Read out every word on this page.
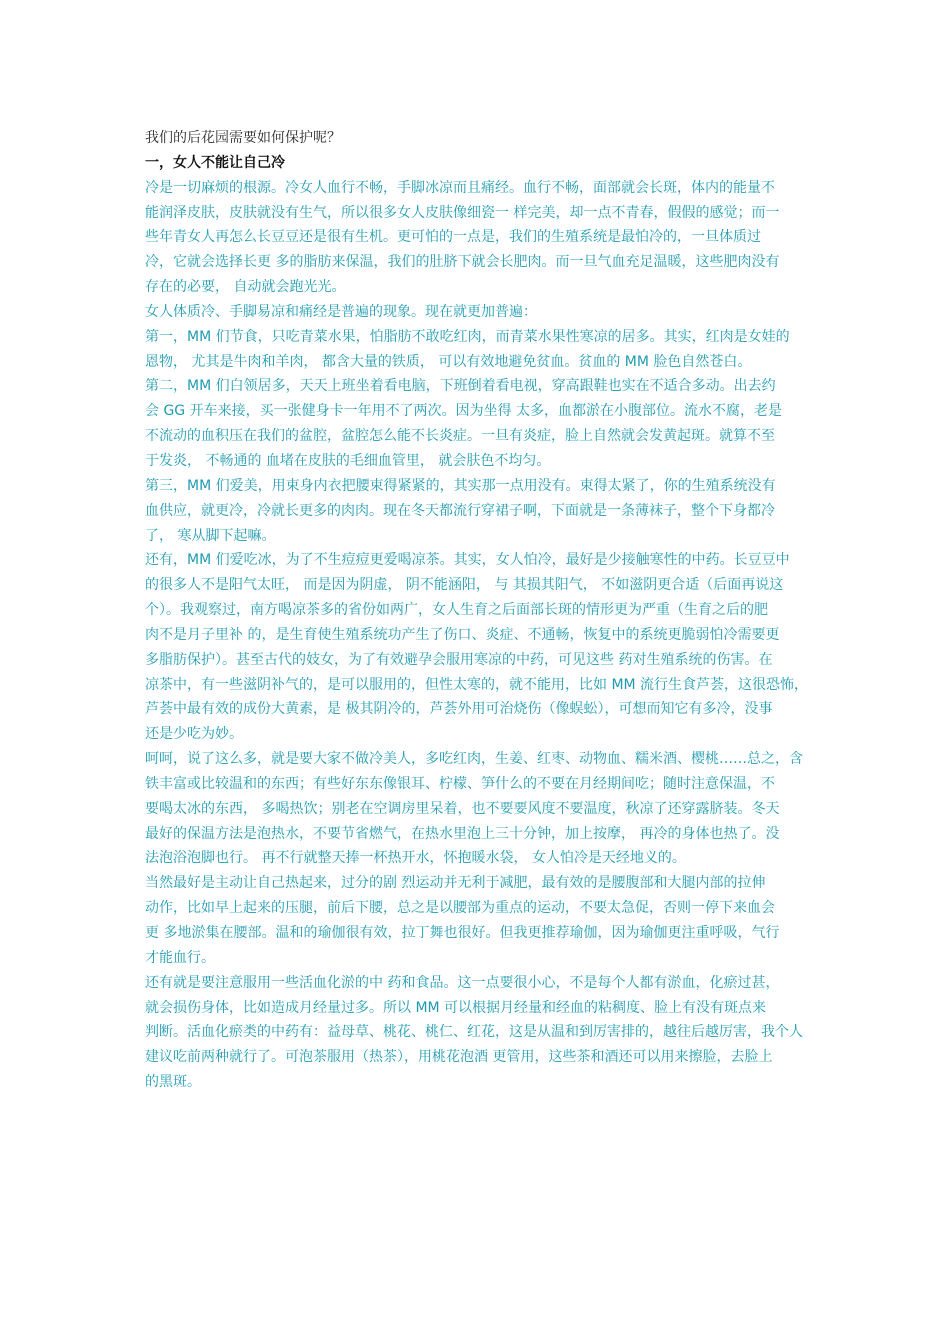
我们的后花园需要如何保护呢？
一，女人不能让自己冷
冷是一切麻烦的根源。冷女人血行不畅，手脚冰凉而且痛经。血行不畅，面部就会长斑，体内的能量不
能润泽皮肤，皮肤就没有生气，所以很多女人皮肤像细瓷一 样完美，却一点不青春，假假的感觉；而一
些年青女人再怎么长豆豆还是很有生机。更可怕的一点是，我们的生殖系统是最怕冷的，一旦体质过
冷，它就会选择长更 多的脂肪来保温，我们的肚脐下就会长肥肉。而一旦气血充足温暖，这些肥肉没有
存在的必要， 自动就会跑光光。
女人体质冷、手脚易凉和痛经是普遍的现象。现在就更加普遍：
第一，MM 们节食，只吃青菜水果，怕脂肪不敢吃红肉，而青菜水果性寒凉的居多。其实，红肉是女娃的
恩物， 尤其是牛肉和羊肉， 都含大量的铁质， 可以有效地避免贫血。贫血的 MM 脸色自然苍白。
第二，MM 们白领居多，天天上班坐着看电脑，下班倒着看电视，穿高跟鞋也实在不适合多动。出去约
会 GG 开车来接，买一张健身卡一年用不了两次。因为坐得 太多，血都淤在小腹部位。流水不腐，老是
不流动的血积压在我们的盆腔，盆腔怎么能不长炎症。一旦有炎症，脸上自然就会发黄起斑。就算不至
于发炎， 不畅通的 血堵在皮肤的毛细血管里， 就会肤色不均匀。
第三，MM 们爱美，用束身内衣把腰束得紧紧的，其实那一点用没有。束得太紧了，你的生殖系统没有
血供应，就更冷，冷就长更多的肉肉。现在冬天都流行穿裙子啊，下面就是一条薄袜子，整个下身都冷
了， 寒从脚下起嘛。
还有，MM 们爱吃冰，为了不生痘痘更爱喝凉茶。其实，女人怕冷，最好是少接触寒性的中药。长豆豆中
的很多人不是阳气太旺， 而是因为阴虚， 阴不能涵阳， 与 其损其阳气， 不如滋阴更合适（后面再说这
个）。我观察过，南方喝凉茶多的省份如两广，女人生育之后面部长斑的情形更为严重（生育之后的肥
肉不是月子里补 的，是生育使生殖系统功产生了伤口、炎症、不通畅，恢复中的系统更脆弱怕冷需要更
多脂肪保护）。甚至古代的妓女，为了有效避孕会服用寒凉的中药，可见这些 药对生殖系统的伤害。在
凉茶中，有一些滋阴补气的，是可以服用的，但性太寒的，就不能用，比如 MM 流行生食芦荟，这很恐怖，
芦荟中最有效的成份大黄素，是 极其阴冷的，芦荟外用可治烧伤（像蜈蚣），可想而知它有多冷，没事
还是少吃为妙。
呵呵，说了这么多，就是要大家不做冷美人，多吃红肉，生姜、红枣、动物血、糯米酒、樱桃……总之，含
铁丰富或比较温和的东西；有些好东东像银耳、柠檬、笋什么的不要在月经期间吃；随时注意保温，不
要喝太冰的东西， 多喝热饮；别老在空调房里呆着，也不要要风度不要温度，秋凉了还穿露脐装。冬天
最好的保温方法是泡热水，不要节省燃气，在热水里泡上三十分钟，加上按摩， 再冷的身体也热了。没
法泡浴泡脚也行。 再不行就整天捧一杯热开水，怀抱暖水袋， 女人怕冷是天经地义的。
当然最好是主动让自己热起来，过分的剧 烈运动并无利于减肥，最有效的是腰腹部和大腿内部的拉伸
动作，比如早上起来的压腿，前后下腰，总之是以腰部为重点的运动，不要太急促，否则一停下来血会
更 多地淤集在腰部。温和的瑜伽很有效，拉丁舞也很好。但我更推荐瑜伽，因为瑜伽更注重呼吸，气行
才能血行。
还有就是要注意服用一些活血化淤的中 药和食品。这一点要很小心，不是每个人都有淤血，化瘀过甚，
就会损伤身体，比如造成月经量过多。所以 MM 可以根据月经量和经血的粘稠度、脸上有没有斑点来
判断。活血化瘀类的中药有：益母草、桃花、桃仁、红花，这是从温和到厉害排的，越往后越厉害，我个人
建议吃前两种就行了。可泡茶服用（热茶），用桃花泡酒 更管用，这些茶和酒还可以用来擦脸，去脸上
的黑斑。
